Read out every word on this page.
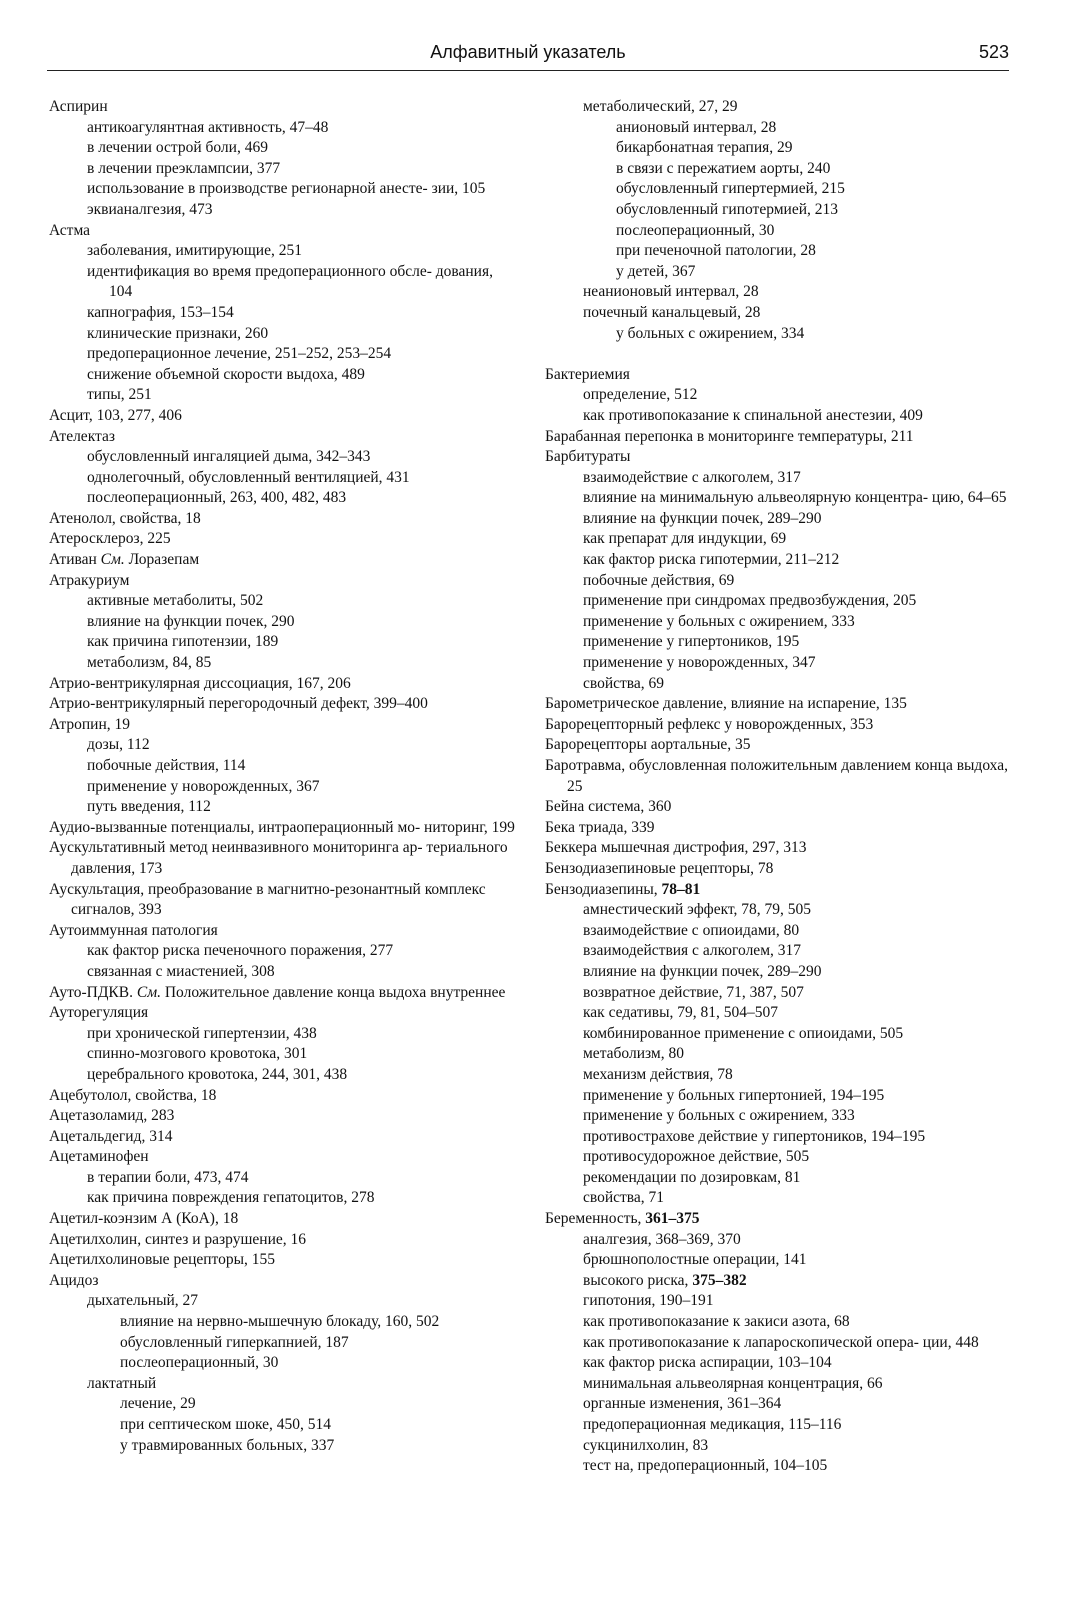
Алфавитный указатель	523

Аспирин

антикоагулянтная активность, 47–48

в лечении острой боли, 469

в лечении преэклампсии, 377

использование в производстве регионарной анесте- зии, 105

эквианалгезия, 473

Астма

заболевания, имитирующие, 251

идентификация во время предоперационного обсле- дования, 104

капнография, 153–154

клинические признаки, 260

предоперационное лечение, 251–252, 253–254

снижение объемной скорости выдоха, 489

типы, 251

Асцит, 103, 277, 406

Ателектаз

обусловленный ингаляцией дыма, 342–343

однолегочный, обусловленный вентиляцией, 431

послеоперационный, 263, 400, 482, 483

Атенолол, свойства, 18

Атеросклероз, 225

Ативан См. Лоразепам

Атракуриум

активные метаболиты, 502

влияние на функции почек, 290

как причина гипотензии, 189

метаболизм, 84, 85

Атрио-вентрикулярная диссоциация, 167, 206

Атрио-вентрикулярный перегородочный дефект, 399–400

Атропин, 19

дозы, 112

побочные действия, 114

применение у новорожденных, 367

путь введения, 112

Аудио-вызванные потенциалы, интраоперационный мо- ниторинг, 199

Аускультативный метод неинвазивного мониторинга ар- териального давления, 173

Аускультация, преобразование в магнитно-резонантный комплекс сигналов, 393

Аутоиммунная патология

как фактор риска печеночного поражения, 277

связанная с миастенией, 308

Ауто-ПДКВ. См. Положительное давление конца выдоха внутреннее

Ауторегуляция

при хронической гипертензии, 438

спинно-мозгового кровотока, 301

церебрального кровотока, 244, 301, 438

Ацебутолол, свойства, 18

Ацетазоламид, 283

Ацетальдегид, 314

Ацетаминофен

в терапии боли, 473, 474

как причина повреждения гепатоцитов, 278

Ацетил-коэнзим А (КоА), 18

Ацетилхолин, синтез и разрушение, 16

Ацетилхолиновые рецепторы, 155

Ацидоз

дыхательный, 27

влияние на нервно-мышечную блокаду, 160, 502

обусловленный гиперкапнией, 187

послеоперационный, 30

лактатный

лечение, 29

при септическом шоке, 450, 514

у травмированных больных, 337

метаболический, 27, 29

анионовый интервал, 28

бикарбонатная терапия, 29

в связи с пережатием аорты, 240

обусловленный гипертермией, 215

обусловленный гипотермией, 213

послеоперационный, 30

при печеночной патологии, 28

у детей, 367

неанионовый интервал, 28

почечный канальцевый, 28

у больных с ожирением, 334

Бактериемия

определение, 512

как противопоказание к спинальной анестезии, 409

Барабанная перепонка в мониторинге температуры, 211

Барбитураты

взаимодействие с алкоголем, 317

влияние на минимальную альвеолярную концентра- цию, 64–65

влияние на функции почек, 289–290

как препарат для индукции, 69

как фактор риска гипотермии, 211–212

побочные действия, 69

применение при синдромах предвозбуждения, 205

применение у больных с ожирением, 333

применение у гипертоников, 195

применение у новорожденных, 347

свойства, 69

Барометрическое давление, влияние на испарение, 135

Барорецепторный рефлекс у новорожденных, 353

Барорецепторы аортальные, 35

Баротравма, обусловленная положительным давлением конца выдоха, 25

Бейна система, 360

Бека триада, 339

Беккера мышечная дистрофия, 297, 313

Бензодиазепиновые рецепторы, 78

Бензодиазепины, 78–81

амнестический эффект, 78, 79, 505

взаимодействие с опиоидами, 80

взаимодействия с алкоголем, 317

влияние на функции почек, 289–290

возвратное действие, 71, 387, 507

как седативы, 79, 81, 504–507

комбинированное применение с опиоидами, 505

метаболизм, 80

механизм действия, 78

применение у больных гипертонией, 194–195

применение у больных с ожирением, 333

противострахове действие у гипертоников, 194–195

противосудорожное действие, 505

рекомендации по дозировкам, 81

свойства, 71

Беременность, 361–375

аналгезия, 368–369, 370

брюшнополостные операции, 141

высокого риска, 375–382

гипотония, 190–191

как противопоказание к закиси азота, 68

как противопоказание к лапароскопической опера- ции, 448

как фактор риска аспирации, 103–104

минимальная альвеолярная концентрация, 66

органные изменения, 361–364

предоперационная медикация, 115–116

сукцинилхолин, 83

тест на, предоперационный, 104–105
